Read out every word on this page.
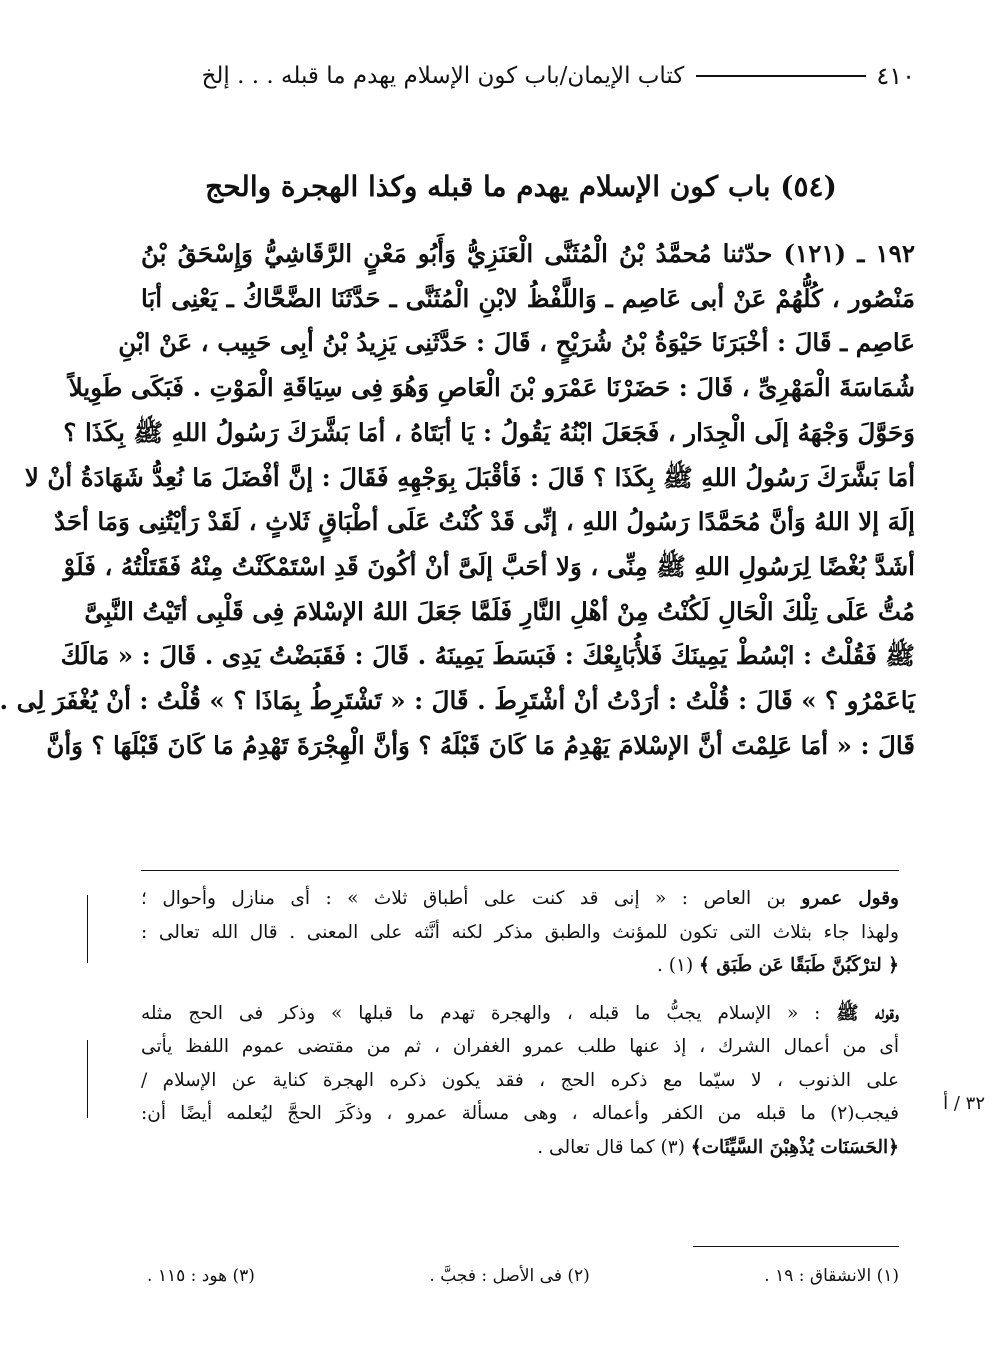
٤١٠
كتاب الإيمان/باب كون الإسلام يهدم ما قبله . . . إلخ
(٥٤) باب كون الإسلام يهدم ما قبله وكذا الهجرة والحج
١٩٢ ـ (١٢١) حدّثنا مُحمَّدُ بْنُ الْمُثَنَّى الْعَنَزِيُّ وَأَبُو مَعْنٍ الرَّقَاشِيُّ وَإِسْحَقُ بْنُ
مَنْصُور ، كُلُّهُمْ عَنْ أبى عَاصِم ـ وَاللَّفْظُ لابْنِ الْمُثَنَّى ـ حَدَّثَنَا الضَّحَّاكُ ـ يَعْنِى أبَا
عَاصِم ـ قَالَ : أخْبَرَنَا حَيْوَةُ بْنُ شُرَيْحٍ ، قَالَ : حَدَّثَنِى يَزِيدُ بْنُ أبِى حَبِيب ، عَنْ ابْنِ
شُمَاسَةَ الْمَهْرِىِّ ، قَالَ : حَضَرْنَا عَمْرَو بْنَ الْعَاصِ وَهُوَ فِى سِيَاقَةِ الْمَوْتِ . فَبَكَى طَوِيلاً
وَحَوَّلَ وَجْهَهُ إلَى الْجِدَار ، فَجَعَلَ ابْنُهُ يَقُولُ : يَا أبَتَاهُ ، أمَا بَشَّرَكَ رَسُولُ اللهِ ﷺ بِكَذَا ؟
أمَا بَشَّرَكَ رَسُولُ اللهِ ﷺ بِكَذَا ؟ قَالَ : فَأقْبَلَ بِوَجْهِهِ فَقَالَ : إنَّ أفْضَلَ مَا نُعِدُّ شَهَادَةُ أنْ لا
إلَهَ إلا اللهُ وَأنَّ مُحَمَّدًا رَسُولُ اللهِ ، إنِّى قَدْ كُنْتُ عَلَى أطْبَاقٍ ثَلاثٍ ، لَقَدْ رَأيْتُنِى وَمَا أحَدٌ
أشَدَّ بُغْضًا لِرَسُولِ اللهِ ﷺ مِنِّى ، وَلا أحَبَّ إلَىَّ أنْ أكُونَ قَدِ اسْتَمْكَنْتُ مِنْهُ فَقَتَلْتُهُ ، فَلَوْ
مُتُّ عَلَى تِلْكَ الْحَالِ لَكُنْتُ مِنْ أهْلِ النَّارِ فَلَمَّا جَعَلَ اللهُ الإسْلامَ فِى قَلْبِى أتَيْتُ النَّبِىَّ
ﷺ فَقُلْتُ : ابْسُطْ يَمِينَكَ فَلأُبَايِعْكَ : فَبَسَطَ يَمِينَهُ . قَالَ : فَقَبَضْتُ يَدِى . قَالَ : « مَالَكَ
يَاعَمْرُو ؟ » قَالَ : قُلْتُ : أرَدْتُ أنْ أشْتَرِطَ . قَالَ : « تَشْتَرِطُ بِمَاذَا ؟ » قُلْتُ : أنْ يُغْفَرَ لِى .
قَالَ : « أمَا عَلِمْتَ أنَّ الإسْلامَ يَهْدِمُ مَا كَانَ قَبْلَهُ ؟ وَأنَّ الْهِجْرَةَ تَهْدِمُ مَا كَانَ قَبْلَهَا ؟ وَأنَّ

وقول عمرو بن العاص : « إنى قد كنت على أطباق ثلاث » : أى منازل وأحوال ؛
ولهذا جاء بثلاث التى تكون للمؤنث والطبق مذكر لكنه أنَّثه على المعنى . قال الله تعالى :
﴿ لترْكَبُنَّ طَبَقًا عَن طَبَق ﴾ (١) .

وقوله ﷺ : « الإسلام يجبُّ ما قبله ، والهجرة تهدم ما قبلها » وذكر فى الحج مثله
أى من أعمال الشرك ، إذ عنها طلب عمرو الغفران ، ثم من مقتضى عموم اللفظ يأتى
على الذنوب ، لا سيّما مع ذكره الحج ، فقد يكون ذكره الهجرة كناية عن الإسلام /
فيجب(٢) ما قبله من الكفر وأعماله ، وهى مسألة عمرو ، وذكَرَ الحجَّ ليُعلمه أيضًا أن:
﴿الحَسَنَات يُذْهِبْنَ السَّيِّئَات﴾ (٣) كما قال تعالى .

٣٢ / أ
(١) الانشقاق : ١٩ .
(٢) فى الأصل : فجبَّ .
(٣) هود : ١١٥ .
